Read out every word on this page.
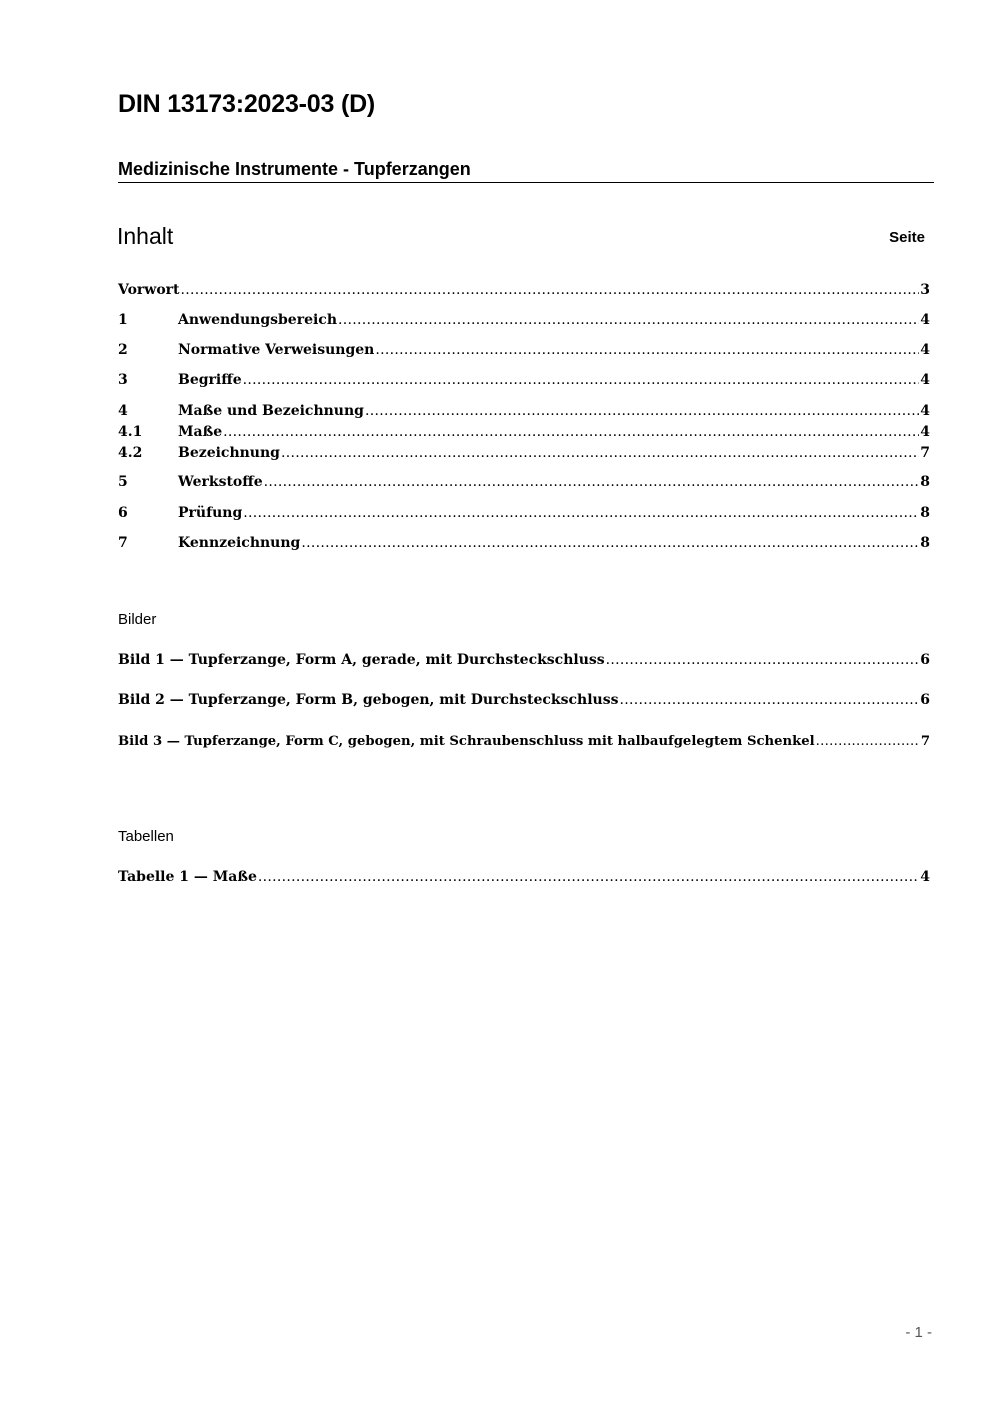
DIN 13173:2023-03 (D)
Medizinische Instrumente - Tupferzangen
Inhalt	Seite
Vorwort .....	3
1	Anwendungsbereich .....	4
2	Normative Verweisungen .....	4
3	Begriffe .....	4
4	Maße und Bezeichnung .....	4
4.1	Maße .....	4
4.2	Bezeichnung .....	7
5	Werkstoffe .....	8
6	Prüfung .....	8
7	Kennzeichnung .....	8
Bilder
Bild 1 — Tupferzange, Form A, gerade, mit Durchsteckschluss .....	6
Bild 2 — Tupferzange, Form B, gebogen, mit Durchsteckschluss .....	6
Bild 3 — Tupferzange, Form C, gebogen, mit Schraubenschluss mit halbaufgelegtem Schenkel .....	7
Tabellen
Tabelle 1 — Maße .....	4
- 1 -
